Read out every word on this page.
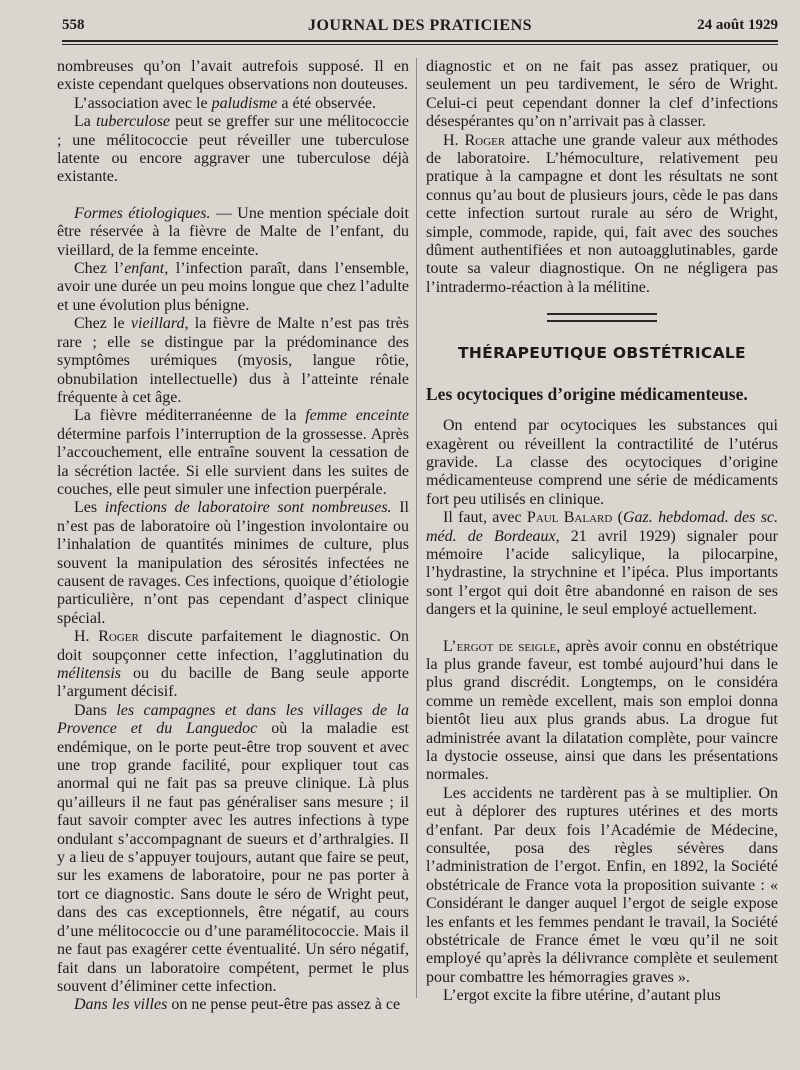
558	JOURNAL DES PRATICIENS	24 août 1929

nombreuses qu’on l’avait autrefois supposé. Il en existe cependant quelques observations non douteuses.

L’association avec le paludisme a été observée.

La tuberculose peut se greffer sur une mélitococcie ; une mélitococcie peut réveiller une tuberculose latente ou encore aggraver une tuberculose déjà existante.

Formes étiologiques. — Une mention spéciale doit être réservée à la fièvre de Malte de l’enfant, du vieillard, de la femme enceinte.

Chez l’enfant, l’infection paraît, dans l’ensemble, avoir une durée un peu moins longue que chez l’adulte et une évolution plus bénigne.

Chez le vieillard, la fièvre de Malte n’est pas très rare ; elle se distingue par la prédominance des symptômes urémiques (myosis, langue rôtie, obnubilation intellectuelle) dus à l’atteinte rénale fréquente à cet âge.

La fièvre méditerranéenne de la femme enceinte détermine parfois l’interruption de la grossesse. Après l’accouchement, elle entraîne souvent la cessation de la sécrétion lactée. Si elle survient dans les suites de couches, elle peut simuler une infection puerpérale.

Les infections de laboratoire sont nombreuses. Il n’est pas de laboratoire où l’ingestion involontaire ou l’inhalation de quantités minimes de culture, plus souvent la manipulation des sérosités infectées ne causent de ravages. Ces infections, quoique d’étiologie particulière, n’ont pas cependant d’aspect clinique spécial.

H. Roger discute parfaitement le diagnostic. On doit soupçonner cette infection, l’agglutination du mélitensis ou du bacille de Bang seule apporte l’argument décisif.

Dans les campagnes et dans les villages de la Provence et du Languedoc où la maladie est endémique, on le porte peut-être trop souvent et avec une trop grande facilité, pour expliquer tout cas anormal qui ne fait pas sa preuve clinique. Là plus qu’ailleurs il ne faut pas généraliser sans mesure ; il faut savoir compter avec les autres infections à type ondulant s’accompagnant de sueurs et d’arthralgies. Il y a lieu de s’appuyer toujours, autant que faire se peut, sur les examens de laboratoire, pour ne pas porter à tort ce diagnostic. Sans doute le séro de Wright peut, dans des cas exceptionnels, être négatif, au cours d’une mélitococcie ou d’une paramélitococcie. Mais il ne faut pas exagérer cette éventualité. Un séro négatif, fait dans un laboratoire compétent, permet le plus souvent d’éliminer cette infection.

Dans les villes on ne pense peut-être pas assez à ce

diagnostic et on ne fait pas assez pratiquer, ou seulement un peu tardivement, le séro de Wright. Celui-ci peut cependant donner la clef d’infections désespérantes qu’on n’arrivait pas à classer.

H. Roger attache une grande valeur aux méthodes de laboratoire. L’hémoculture, relativement peu pratique à la campagne et dont les résultats ne sont connus qu’au bout de plusieurs jours, cède le pas dans cette infection surtout rurale au séro de Wright, simple, commode, rapide, qui, fait avec des souches dûment authentifiées et non autoagglutinables, garde toute sa valeur diagnostique. On ne négligera pas l’intradermo-réaction à la mélitine.

THÉRAPEUTIQUE OBSTÉTRICALE
Les ocytociques d’origine médicamenteuse.

On entend par ocytociques les substances qui exagèrent ou réveillent la contractilité de l’utérus gravide. La classe des ocytociques d’origine médicamenteuse comprend une série de médicaments fort peu utilisés en clinique.

Il faut, avec Paul Balard (Gaz. hebdomad. des sc. méd. de Bordeaux, 21 avril 1929) signaler pour mémoire l’acide salicylique, la pilocarpine, l’hydrastine, la strychnine et l’ipéca. Plus importants sont l’ergot qui doit être abandonné en raison de ses dangers et la quinine, le seul employé actuellement.

L’ergot de seigle, après avoir connu en obstétrique la plus grande faveur, est tombé aujourd’hui dans le plus grand discrédit. Longtemps, on le considéra comme un remède excellent, mais son emploi donna bientôt lieu aux plus grands abus. La drogue fut administrée avant la dilatation complète, pour vaincre la dystocie osseuse, ainsi que dans les présentations normales.

Les accidents ne tardèrent pas à se multiplier. On eut à déplorer des ruptures utérines et des morts d’enfant. Par deux fois l’Académie de Médecine, consultée, posa des règles sévères dans l’administration de l’ergot. Enfin, en 1892, la Société obstétricale de France vota la proposition suivante : « Considérant le danger auquel l’ergot de seigle expose les enfants et les femmes pendant le travail, la Société obstétricale de France émet le vœu qu’il ne soit employé qu’après la délivrance complète et seulement pour combattre les hémorragies graves ».

L’ergot excite la fibre utérine, d’autant plus
